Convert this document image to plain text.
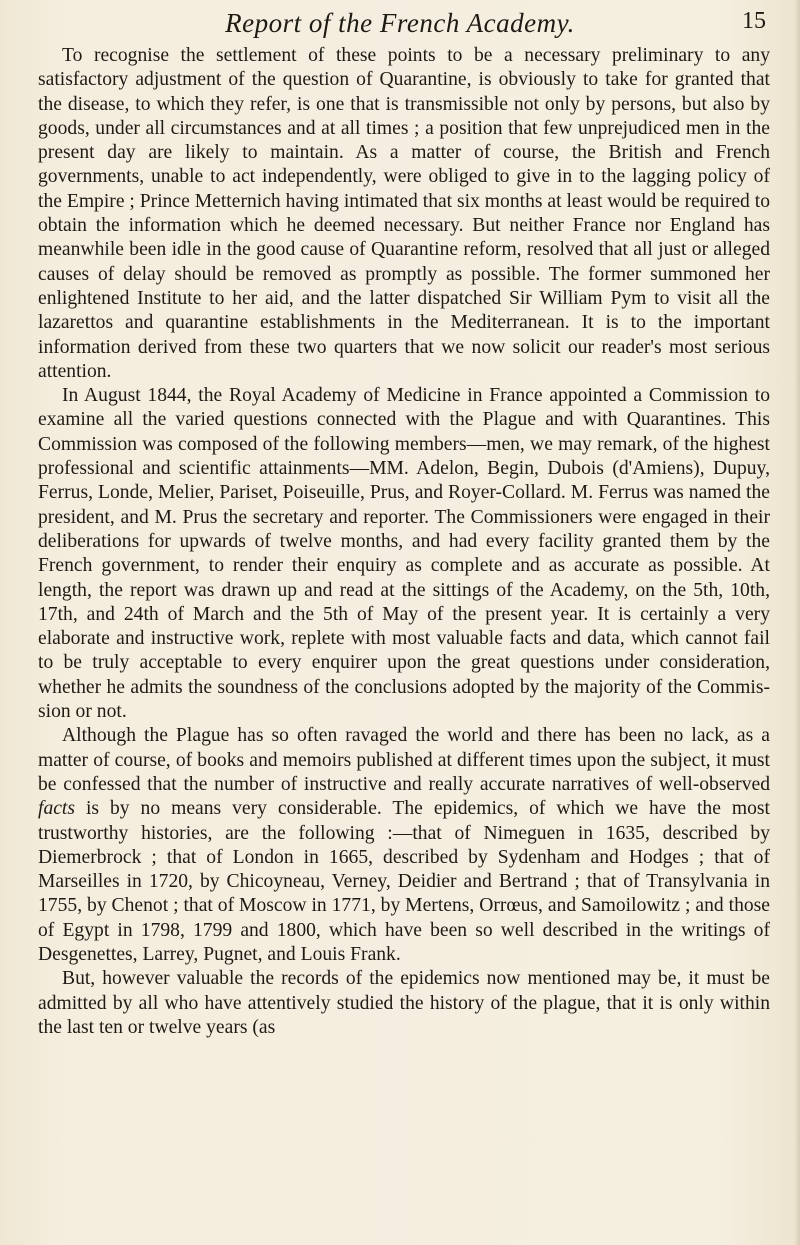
Report of the French Academy.	15

To recognise the settlement of these points to be a necessary preliminary to any satisfactory adjustment of the question of Quarantine, is obviously to take for granted that the disease, to which they refer, is one that is transmissible not only by persons, but also by goods, under all circumstances and at all times ; a position that few unprejudiced men in the present day are likely to maintain. As a matter of course, the British and French governments, unable to act independently, were obliged to give in to the lagging policy of the Empire ; Prince Metternich having intimated that six months at least would be required to obtain the information which he deemed necessary. But neither France nor England has meanwhile been idle in the good cause of Quarantine reform, resolved that all just or alleged causes of delay should be removed as promptly as possible. The former summoned her enlightened Institute to her aid, and the latter dispatched Sir William Pym to visit all the lazarettos and quarantine establishments in the Mediterranean. It is to the important information derived from these two quarters that we now solicit our reader's most serious attention.

In August 1844, the Royal Academy of Medicine in France appointed a Commission to examine all the varied questions connected with the Plague and with Quarantines. This Commission was composed of the following members—men, we may remark, of the highest professional and scientific attainments—MM. Adelon, Begin, Dubois (d'Amiens), Dupuy, Ferrus, Londe, Melier, Pariset, Poiseuille, Prus, and Royer-Collard. M. Ferrus was named the president, and M. Prus the secretary and reporter. The Commissioners were engaged in their deliberations for upwards of twelve months, and had every facility granted them by the French government, to render their enquiry as complete and as accurate as possible. At length, the report was drawn up and read at the sittings of the Academy, on the 5th, 10th, 17th, and 24th of March and the 5th of May of the present year. It is certainly a very elaborate and instructive work, replete with most valuable facts and data, which cannot fail to be truly acceptable to every enquirer upon the great questions under consideration, whether he admits the soundness of the conclusions adopted by the majority of the Commission or not.

Although the Plague has so often ravaged the world and there has been no lack, as a matter of course, of books and memoirs published at different times upon the subject, it must be confessed that the number of instructive and really accurate narratives of well-observed facts is by no means very considerable. The epidemics, of which we have the most trustworthy histories, are the following :—that of Nimeguen in 1635, described by Diemerbrock ; that of London in 1665, described by Sydenham and Hodges ; that of Marseilles in 1720, by Chicoyneau, Verney, Deidier and Bertrand ; that of Transylvania in 1755, by Chenot ; that of Moscow in 1771, by Mertens, Orrœus, and Samoilowitz ; and those of Egypt in 1798, 1799 and 1800, which have been so well described in the writings of Desgenettes, Larrey, Pugnet, and Louis Frank.

But, however valuable the records of the epidemics now mentioned may be, it must be admitted by all who have attentively studied the history of the plague, that it is only within the last ten or twelve years (as
